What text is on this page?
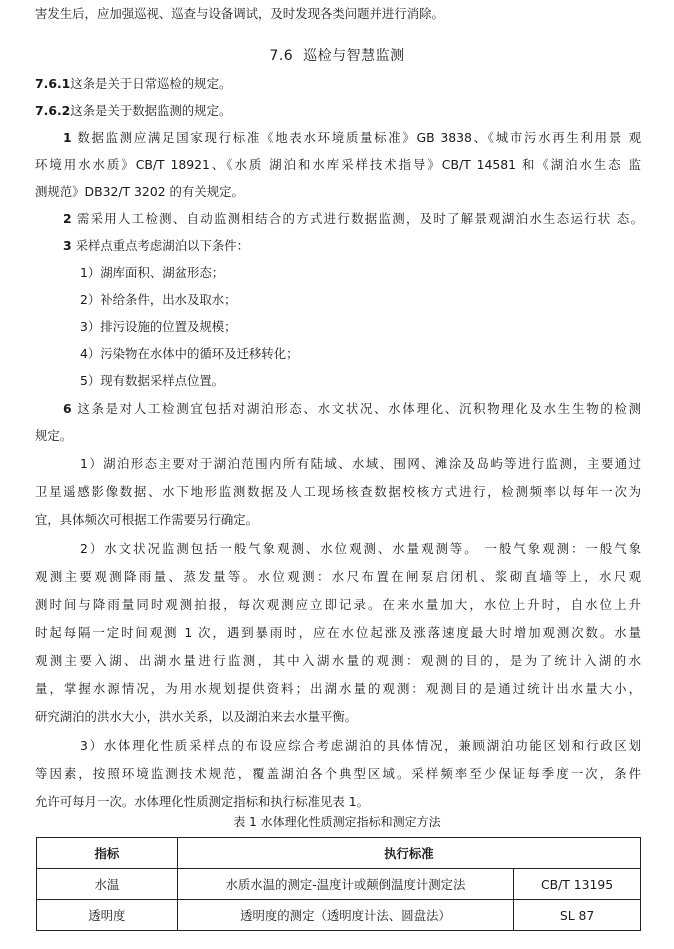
害发生后，应加强巡视、巡查与设备调试，及时发现各类问题并进行消除。
7.6 巡检与智慧监测
7.6.1这条是关于日常巡检的规定。
7.6.2这条是关于数据监测的规定。
1 数据监测应满足国家现行标准《地表水环境质量标准》GB 3838、《城市污水再生利用景 观
环境用水水质》CB/T 18921、《水质 湖泊和水库采样技术指导》CB/T 14581 和《湖泊水生态 监
测规范》DB32/T 3202 的有关规定。
2 需采用人工检测、自动监测相结合的方式进行数据监测，及时了解景观湖泊水生态运行状 态。
3 采样点重点考虑湖泊以下条件：
1）湖库面积、湖盆形态；
2）补给条件，出水及取水；
3）排污设施的位置及规模；
4）污染物在水体中的循环及迁移转化；
5）现有数据采样点位置。
6 这条是对人工检测宜包括对湖泊形态、水文状况、水体理化、沉积物理化及水生生物的检测
规定。
1）湖泊形态主要对于湖泊范围内所有陆域、水域、围网、滩涂及岛屿等进行监测，主要通过
卫星遥感影像数据、水下地形监测数据及人工现场核查数据校核方式进行，检测频率以每年一次为
宜，具体频次可根据工作需要另行确定。
2）水文状况监测包括一般气象观测、水位观测、水量观测等。 一般气象观测：一般气象
观测主要观测降雨量、蒸发量等。水位观测：水尺布置在闸泵启闭机、浆砌直墙等上，水尺观
测时间与降雨量同时观测拍报，每次观测应立即记录。在来水量加大，水位上升时，自水位上升
时起每隔一定时间观测 1 次，遇到暴雨时，应在水位起涨及涨落速度最大时增加观测次数。水量
观测主要入湖、出湖水量进行监测，其中入湖水量的观测：观测的目的，是为了统计入湖的水
量，掌握水源情况，为用水规划提供资料；出湖水量的观测：观测目的是通过统计出水量大小，
研究湖泊的洪水大小，洪水关系，以及湖泊来去水量平衡。
3）水体理化性质采样点的布设应综合考虑湖泊的具体情况，兼顾湖泊功能区划和行政区划
等因素，按照环境监测技术规范，覆盖湖泊各个典型区域。采样频率至少保证每季度一次，条件
允许可每月一次。水体理化性质测定指标和执行标准见表 1。
表 1 水体理化性质测定指标和测定方法
指标	执行标准	
水温	水质水温的测定-温度计或颠倒温度计测定法	CB/T 13195
透明度	透明度的测定（透明度计法、圆盘法）	SL 87
